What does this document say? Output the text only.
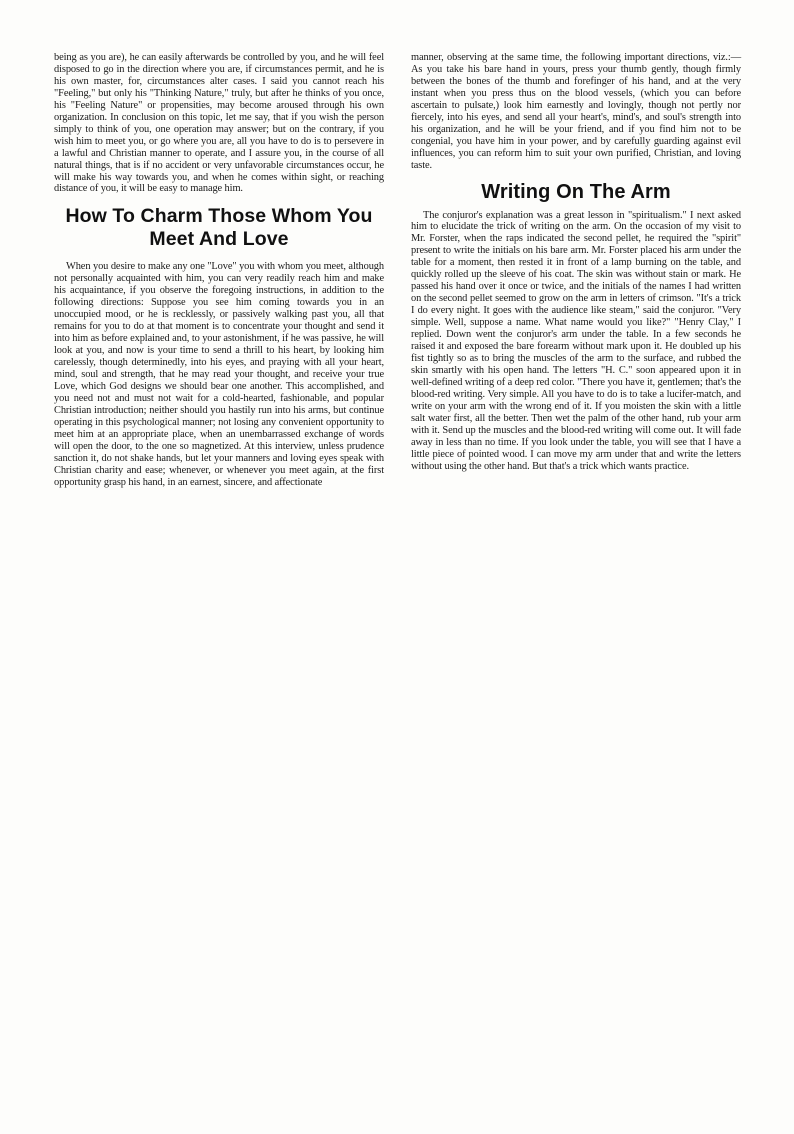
being as you are), he can easily afterwards be controlled by you, and he will feel disposed to go in the direction where you are, if circumstances permit, and he is his own master, for, circumstances alter cases. I said you cannot reach his "Feeling," but only his "Thinking Nature," truly, but after he thinks of you once, his "Feeling Nature" or propensities, may become aroused through his own organization. In conclusion on this topic, let me say, that if you wish the person simply to think of you, one operation may answer; but on the contrary, if you wish him to meet you, or go where you are, all you have to do is to persevere in a lawful and Christian manner to operate, and I assure you, in the course of all natural things, that is if no accident or very unfavorable circumstances occur, he will make his way towards you, and when he comes within sight, or reaching distance of you, it will be easy to manage him.

How To Charm Those Whom You Meet And Love

When you desire to make any one "Love" you with whom you meet, although not personally acquainted with him, you can very readily reach him and make his acquaintance, if you observe the foregoing instructions, in addition to the following directions: Suppose you see him coming towards you in an unoccupied mood, or he is recklessly, or passively walking past you, all that remains for you to do at that moment is to concentrate your thought and send it into him as before explained and, to your astonishment, if he was passive, he will look at you, and now is your time to send a thrill to his heart, by looking him carelessly, though determinedly, into his eyes, and praying with all your heart, mind, soul and strength, that he may read your thought, and receive your true Love, which God designs we should bear one another. This accomplished, and you need not and must not wait for a cold-hearted, fashionable, and popular Christian introduction; neither should you hastily run into his arms, but continue operating in this psychological manner; not losing any convenient opportunity to meet him at an appropriate place, when an unembarrassed exchange of words will open the door, to the one so magnetized. At this interview, unless prudence sanction it, do not shake hands, but let your manners and loving eyes speak with Christian charity and ease; whenever, or whenever you meet again, at the first opportunity grasp his hand, in an earnest, sincere, and affectionate

manner, observing at the same time, the following important directions, viz.:—As you take his bare hand in yours, press your thumb gently, though firmly between the bones of the thumb and forefinger of his hand, and at the very instant when you press thus on the blood vessels, (which you can before ascertain to pulsate,) look him earnestly and lovingly, though not pertly nor fiercely, into his eyes, and send all your heart's, mind's, and soul's strength into his organization, and he will be your friend, and if you find him not to be congenial, you have him in your power, and by carefully guarding against evil influences, you can reform him to suit your own purified, Christian, and loving taste.

Writing On The Arm

The conjuror's explanation was a great lesson in "spiritualism." I next asked him to elucidate the trick of writing on the arm. On the occasion of my visit to Mr. Forster, when the raps indicated the second pellet, he required the "spirit" present to write the initials on his bare arm. Mr. Forster placed his arm under the table for a moment, then rested it in front of a lamp burning on the table, and quickly rolled up the sleeve of his coat. The skin was without stain or mark. He passed his hand over it once or twice, and the initials of the names I had written on the second pellet seemed to grow on the arm in letters of crimson. "It's a trick I do every night. It goes with the audience like steam," said the conjuror. "Very simple. Well, suppose a name. What name would you like?" "Henry Clay," I replied. Down went the conjuror's arm under the table. In a few seconds he raised it and exposed the bare forearm without mark upon it. He doubled up his fist tightly so as to bring the muscles of the arm to the surface, and rubbed the skin smartly with his open hand. The letters "H. C." soon appeared upon it in well-defined writing of a deep red color. "There you have it, gentlemen; that's the blood-red writing. Very simple. All you have to do is to take a lucifer-match, and write on your arm with the wrong end of it. If you moisten the skin with a little salt water first, all the better. Then wet the palm of the other hand, rub your arm with it. Send up the muscles and the blood-red writing will come out. It will fade away in less than no time. If you look under the table, you will see that I have a little piece of pointed wood. I can move my arm under that and write the letters without using the other hand. But that's a trick which wants practice.
